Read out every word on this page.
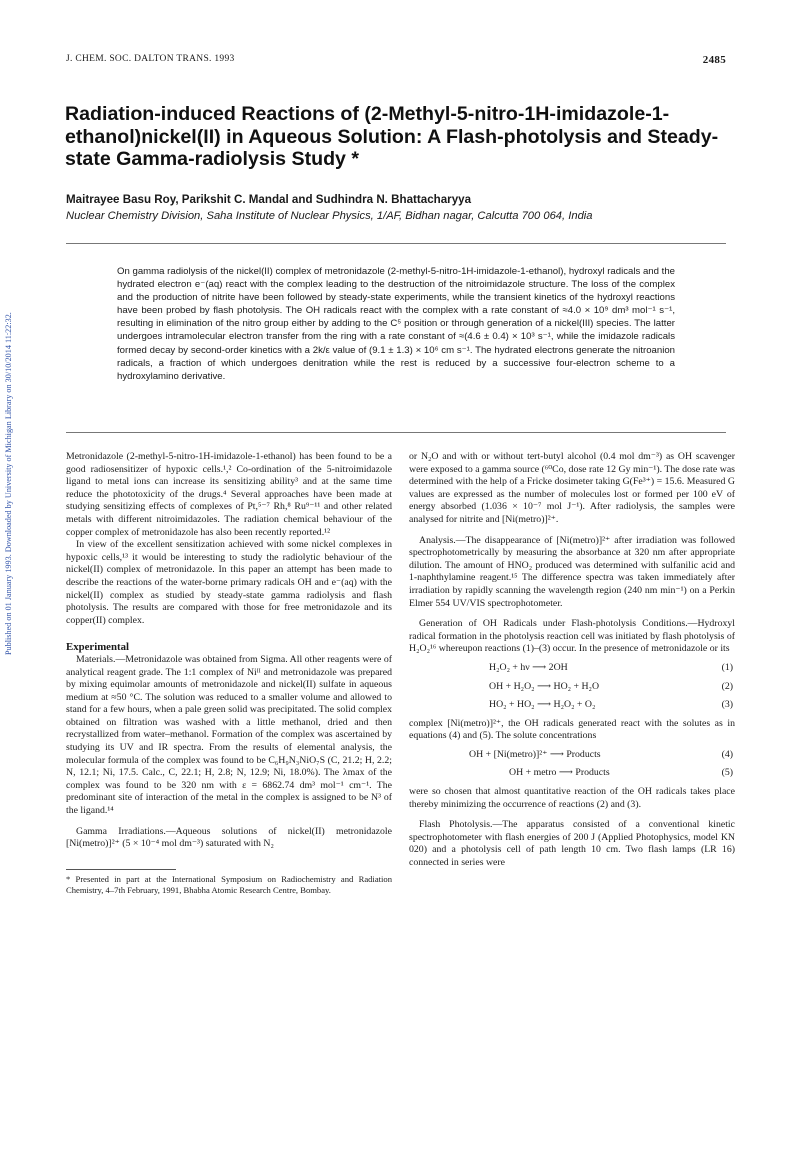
Published on 01 January 1993. Downloaded by University of Michigan Library on 30/10/2014 11:22:32.
J. CHEM. SOC. DALTON TRANS. 1993	2485
Radiation-induced Reactions of (2-Methyl-5-nitro-1H-imidazole-1-ethanol)nickel(II) in Aqueous Solution: A Flash-photolysis and Steady-state Gamma-radiolysis Study *
Maitrayee Basu Roy, Parikshit C. Mandal and Sudhindra N. Bhattacharyya
Nuclear Chemistry Division, Saha Institute of Nuclear Physics, 1/AF, Bidhan nagar, Calcutta 700 064, India
On gamma radiolysis of the nickel(II) complex of metronidazole (2-methyl-5-nitro-1H-imidazole-1-ethanol), hydroxyl radicals and the hydrated electron e⁻(aq) react with the complex leading to the destruction of the nitroimidazole structure. The loss of the complex and the production of nitrite have been followed by steady-state experiments, while the transient kinetics of the hydroxyl reactions have been probed by flash photolysis. The OH radicals react with the complex with a rate constant of ≈4.0 × 10⁹ dm³ mol⁻¹ s⁻¹, resulting in elimination of the nitro group either by adding to the C⁵ position or through generation of a nickel(III) species. The latter undergoes intramolecular electron transfer from the ring with a rate constant of ≈(4.6 ± 0.4) × 10³ s⁻¹, while the imidazole radicals formed decay by second-order kinetics with a 2k/ε value of (9.1 ± 1.3) × 10⁶ cm s⁻¹. The hydrated electrons generate the nitroanion radicals, a fraction of which undergoes denitration while the rest is reduced by a successive four-electron scheme to a hydroxylamino derivative.

Metronidazole (2-methyl-5-nitro-1H-imidazole-1-ethanol) has been found to be a good radiosensitizer of hypoxic cells.¹,² Co-ordination of the 5-nitroimidazole ligand to metal ions can increase its sensitizing ability³ and at the same time reduce the phototoxicity of the drugs.⁴ Several approaches have been made at studying sensitizing effects of complexes of Pt,⁵⁻⁷ Rh,⁸ Ru⁹⁻¹¹ and other related metals with different nitroimidazoles. The radiation chemical behaviour of the copper complex of metronidazole has also been recently reported.¹²

In view of the excellent sensitization achieved with some nickel complexes in hypoxic cells,¹³ it would be interesting to study the radiolytic behaviour of the nickel(II) complex of metronidazole. In this paper an attempt has been made to describe the reactions of the water-borne primary radicals OH and e⁻(aq) with the nickel(II) complex as studied by steady-state gamma radiolysis and flash photolysis. The results are compared with those for free metronidazole and its copper(II) complex.

Experimental

Materials.—Metronidazole was obtained from Sigma. All other reagents were of analytical reagent grade. The 1:1 complex of Niᴵᴵ and metronidazole was prepared by mixing equimolar amounts of metronidazole and nickel(II) sulfate in aqueous medium at ≈50 °C. The solution was reduced to a smaller volume and allowed to stand for a few hours, when a pale green solid was precipitated. The solid complex obtained on filtration was washed with a little methanol, dried and then recrystallized from water–methanol. Formation of the complex was ascertained by studying its UV and IR spectra. From the results of elemental analysis, the molecular formula of the complex was found to be C₆H₉N₃NiO₇S (C, 21.2; H, 2.2; N, 12.1; Ni, 17.5. Calc., C, 22.1; H, 2.8; N, 12.9; Ni, 18.0%). The λmax of the complex was found to be 320 nm with ε = 6862.74 dm³ mol⁻¹ cm⁻¹. The predominant site of interaction of the metal in the complex is assigned to be N³ of the ligand.¹⁴

Gamma Irradiations.—Aqueous solutions of nickel(II) metronidazole [Ni(metro)]²⁺ (5 × 10⁻⁴ mol dm⁻³) saturated with N₂

* Presented in part at the International Symposium on Radiochemistry and Radiation Chemistry, 4–7th February, 1991, Bhabha Atomic Research Centre, Bombay.

or N₂O and with or without tert-butyl alcohol (0.4 mol dm⁻³) as OH scavenger were exposed to a gamma source (⁶⁰Co, dose rate 12 Gy min⁻¹). The dose rate was determined with the help of a Fricke dosimeter taking G(Fe³⁺) = 15.6. Measured G values are expressed as the number of molecules lost or formed per 100 eV of energy absorbed (1.036 × 10⁻⁷ mol J⁻¹). After radiolysis, the samples were analysed for nitrite and [Ni(metro)]²⁺.

Analysis.—The disappearance of [Ni(metro)]²⁺ after irradiation was followed spectrophotometrically by measuring the absorbance at 320 nm after appropriate dilution. The amount of HNO₂ produced was determined with sulfanilic acid and 1-naphthylamine reagent.¹⁵ The difference spectra was taken immediately after irradiation by rapidly scanning the wavelength region (240 nm min⁻¹) on a Perkin Elmer 554 UV/VIS spectrophotometer.

Generation of OH Radicals under Flash-photolysis Conditions.—Hydroxyl radical formation in the photolysis reaction cell was initiated by flash photolysis of H₂O₂¹⁶ whereupon reactions (1)–(3) occur. In the presence of metronidazole or its

H₂O₂ + hν ⟶ 2OH	(1)
OH + H₂O₂ ⟶ HO₂ + H₂O	(2)
HO₂ + HO₂ ⟶ H₂O₂ + O₂	(3)

complex [Ni(metro)]²⁺, the OH radicals generated react with the solutes as in equations (4) and (5). The solute concentrations

OH + [Ni(metro)]²⁺ ⟶ Products	(4)
OH + metro ⟶ Products	(5)

were so chosen that almost quantitative reaction of the OH radicals takes place thereby minimizing the occurrence of reactions (2) and (3).

Flash Photolysis.—The apparatus consisted of a conventional kinetic spectrophotometer with flash energies of 200 J (Applied Photophysics, model KN 020) and a photolysis cell of path length 10 cm. Two flash lamps (LR 16) connected in series were
